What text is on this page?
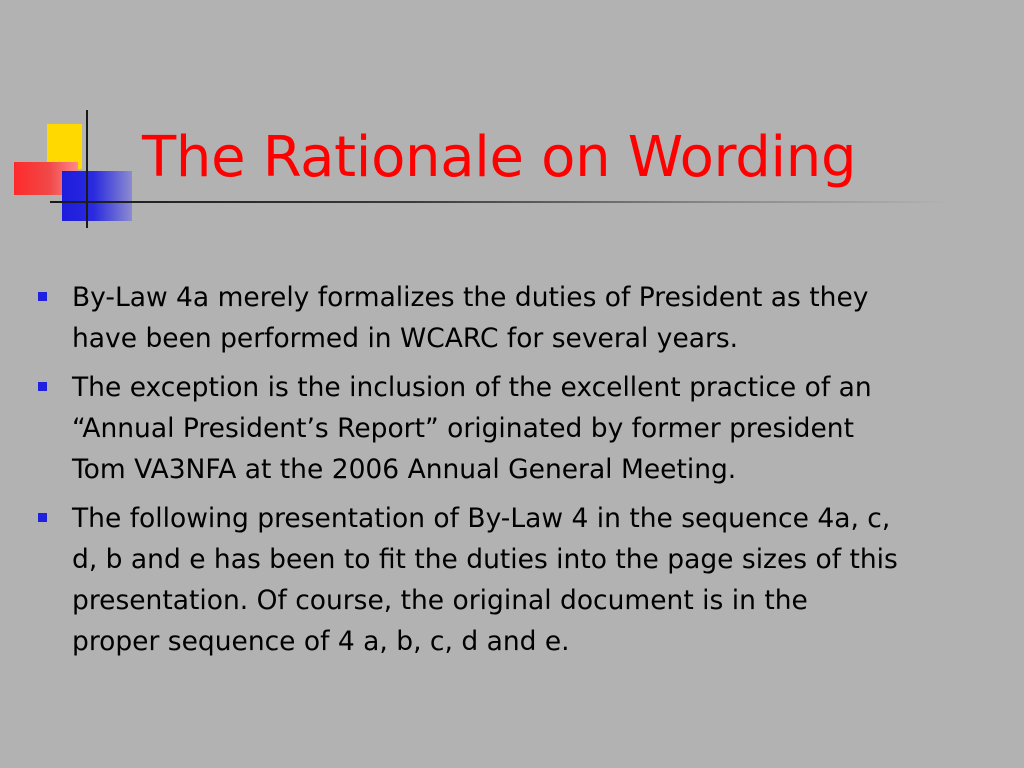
The Rationale on Wording
By-Law 4a merely formalizes the duties of President as they
have been performed in WCARC for several years.
The exception is the inclusion of the excellent practice of an
“Annual President’s Report” originated by former president
Tom VA3NFA at the 2006 Annual General Meeting.
The following presentation of By-Law 4 in the sequence 4a, c,
d, b and e has been to fit the duties into the page sizes of this
presentation. Of course, the original document is in the
proper sequence of 4 a, b, c, d and e.
